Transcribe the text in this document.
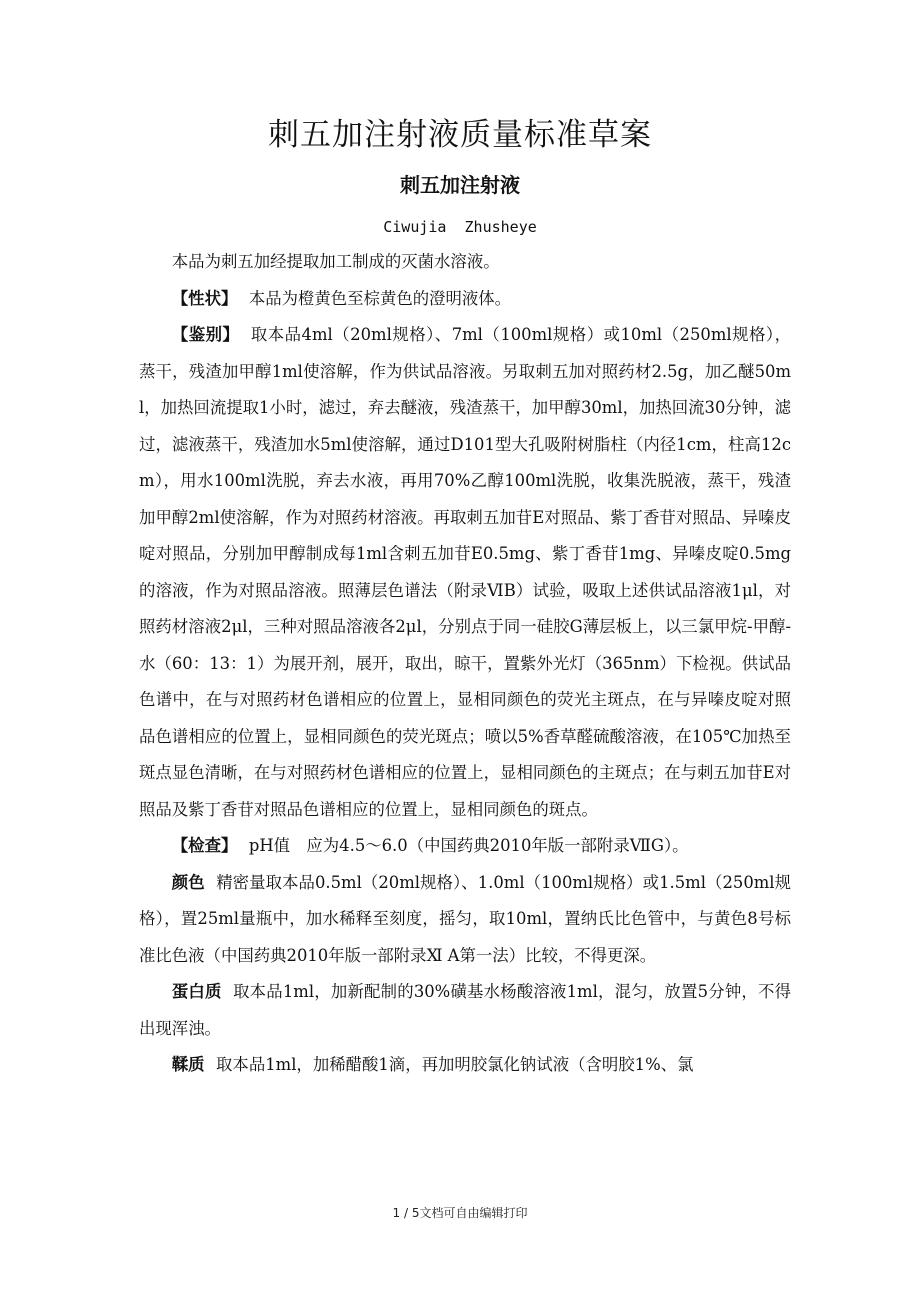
刺五加注射液质量标准草案
刺五加注射液
Ciwujia  Zhusheye

本品为刺五加经提取加工制成的灭菌水溶液。

【性状】 本品为橙黄色至棕黄色的澄明液体。

【鉴别】 取本品4ml（20ml规格）、7ml（100ml规格）或10ml（250ml规格），蒸干，残渣加甲醇1ml使溶解，作为供试品溶液。另取刺五加对照药材2.5g，加乙醚50ml，加热回流提取1小时，滤过，弃去醚液，残渣蒸干，加甲醇30ml，加热回流30分钟，滤过，滤液蒸干，残渣加水5ml使溶解，通过D101型大孔吸附树脂柱（内径1cm，柱高12cm），用水100ml洗脱，弃去水液，再用70%乙醇100ml洗脱，收集洗脱液，蒸干，残渣加甲醇2ml使溶解，作为对照药材溶液。再取刺五加苷E对照品、紫丁香苷对照品、异嗪皮啶对照品，分别加甲醇制成每1ml含刺五加苷E0.5mg、紫丁香苷1mg、异嗪皮啶0.5mg的溶液，作为对照品溶液。照薄层色谱法（附录ⅥB）试验，吸取上述供试品溶液1μl，对照药材溶液2μl，三种对照品溶液各2μl，分别点于同一硅胶G薄层板上，以三氯甲烷-甲醇-水（60：13：1）为展开剂，展开，取出，晾干，置紫外光灯（365nm）下检视。供试品色谱中，在与对照药材色谱相应的位置上，显相同颜色的荧光主斑点，在与异嗪皮啶对照品色谱相应的位置上，显相同颜色的荧光斑点；喷以5%香草醛硫酸溶液，在105℃加热至斑点显色清晰，在与对照药材色谱相应的位置上，显相同颜色的主斑点；在与刺五加苷E对照品及紫丁香苷对照品色谱相应的位置上，显相同颜色的斑点。

【检查】 pH值　应为4.5～6.0（中国药典2010年版一部附录ⅦG）。

颜色 精密量取本品0.5ml（20ml规格）、1.0ml（100ml规格）或1.5ml（250ml规格），置25ml量瓶中，加水稀释至刻度，摇匀，取10ml，置纳氏比色管中，与黄色8号标准比色液（中国药典2010年版一部附录Ⅺ A第一法）比较，不得更深。

蛋白质 取本品1ml，加新配制的30%磺基水杨酸溶液1ml，混匀，放置5分钟，不得出现浑浊。

鞣质 取本品1ml，加稀醋酸1滴，再加明胶氯化钠试液（含明胶1%、氯

1 / 5文档可自由编辑打印
